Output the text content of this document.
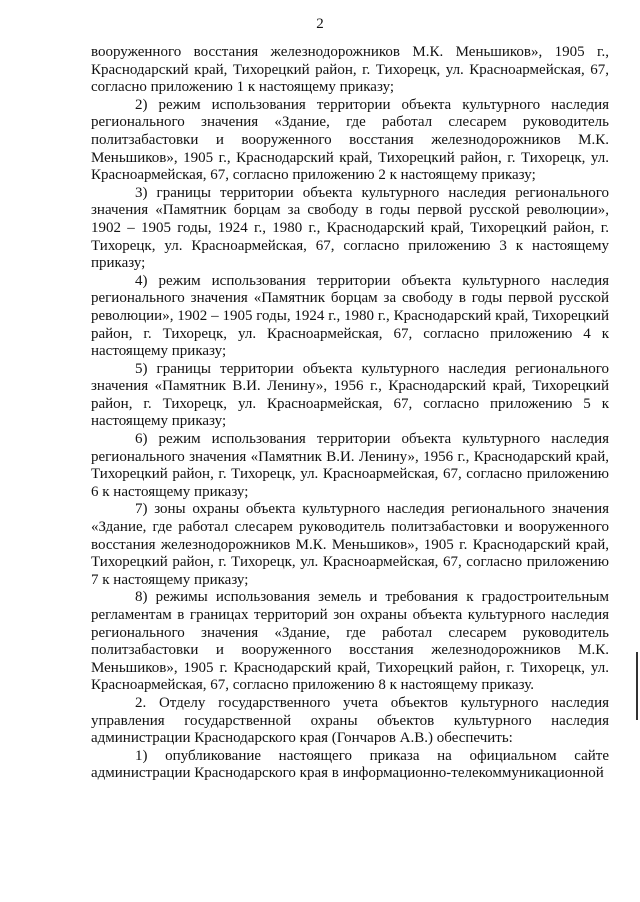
2

вооруженного восстания железнодорожников М.К. Меньшиков», 1905 г., Краснодарский край, Тихорецкий район, г. Тихорецк, ул. Красноармейская, 67, согласно приложению 1 к настоящему приказу;

2) режим использования территории объекта культурного наследия регионального значения «Здание, где работал слесарем руководитель политзабастовки и вооруженного восстания железнодорожников М.К. Меньшиков», 1905 г., Краснодарский край, Тихорецкий район, г. Тихорецк, ул. Красноармейская, 67, согласно приложению 2 к настоящему приказу;

3) границы территории объекта культурного наследия регионального значения «Памятник борцам за свободу в годы первой русской революции», 1902 – 1905 годы, 1924 г., 1980 г., Краснодарский край, Тихорецкий район, г. Тихорецк, ул. Красноармейская, 67, согласно приложению 3 к настоящему приказу;

4) режим использования территории объекта культурного наследия регионального значения «Памятник борцам за свободу в годы первой русской революции», 1902 – 1905 годы, 1924 г., 1980 г., Краснодарский край, Тихорецкий район, г. Тихорецк, ул. Красноармейская, 67, согласно приложению 4 к настоящему приказу;

5) границы территории объекта культурного наследия регионального значения «Памятник В.И. Ленину», 1956 г., Краснодарский край, Тихорецкий район, г. Тихорецк, ул. Красноармейская, 67, согласно приложению 5 к настоящему приказу;

6) режим использования территории объекта культурного наследия регионального значения «Памятник В.И. Ленину», 1956 г., Краснодарский край, Тихорецкий район, г. Тихорецк, ул. Красноармейская, 67, согласно приложению 6 к настоящему приказу;

7) зоны охраны объекта культурного наследия регионального значения «Здание, где работал слесарем руководитель политзабастовки и вооруженного восстания железнодорожников М.К. Меньшиков», 1905 г. Краснодарский край, Тихорецкий район, г. Тихорецк, ул. Красноармейская, 67, согласно приложению 7 к настоящему приказу;

8) режимы использования земель и требования к градостроительным регламентам в границах территорий зон охраны объекта культурного наследия регионального значения «Здание, где работал слесарем руководитель политзабастовки и вооруженного восстания железнодорожников М.К. Меньшиков», 1905 г. Краснодарский край, Тихорецкий район, г. Тихорецк, ул. Красноармейская, 67, согласно приложению 8 к настоящему приказу.

2. Отделу государственного учета объектов культурного наследия управления государственной охраны объектов культурного наследия администрации Краснодарского края (Гончаров А.В.) обеспечить:

1) опубликование настоящего приказа на официальном сайте администрации Краснодарского края в информационно-телекоммуникационной
